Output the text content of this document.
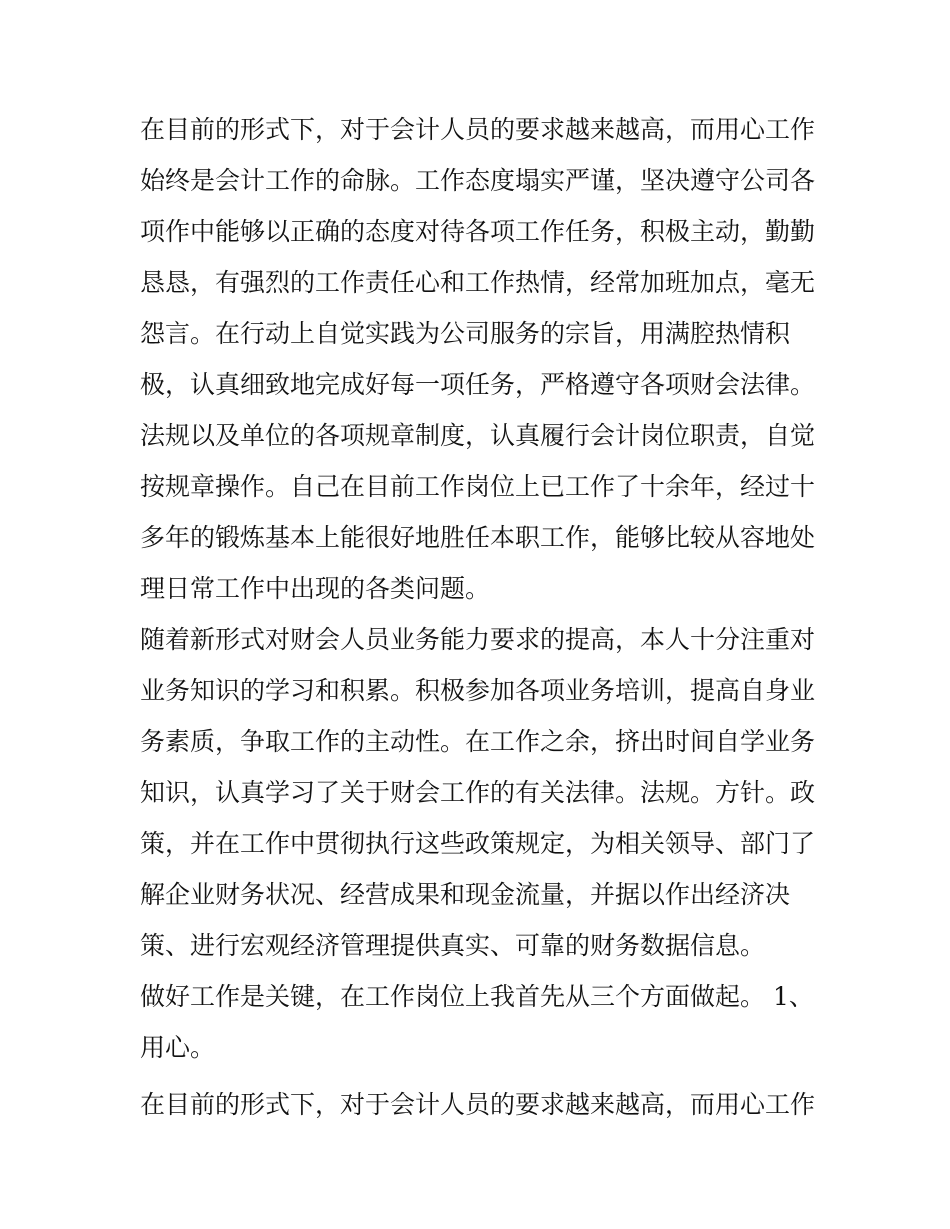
在目前的形式下，对于会计人员的要求越来越高，而用心工作
始终是会计工作的命脉。工作态度塌实严谨，坚决遵守公司各
项作中能够以正确的态度对待各项工作任务，积极主动，勤勤
恳恳，有强烈的工作责任心和工作热情，经常加班加点，毫无
怨言。在行动上自觉实践为公司服务的宗旨，用满腔热情积
极，认真细致地完成好每一项任务，严格遵守各项财会法律。
法规以及单位的各项规章制度，认真履行会计岗位职责，自觉
按规章操作。自己在目前工作岗位上已工作了十余年，经过十
多年的锻炼基本上能很好地胜任本职工作，能够比较从容地处
理日常工作中出现的各类问题。
随着新形式对财会人员业务能力要求的提高，本人十分注重对
业务知识的学习和积累。积极参加各项业务培训，提高自身业
务素质，争取工作的主动性。在工作之余，挤出时间自学业务
知识，认真学习了关于财会工作的有关法律。法规。方针。政
策，并在工作中贯彻执行这些政策规定，为相关领导、部门了
解企业财务状况、经营成果和现金流量，并据以作出经济决
策、进行宏观经济管理提供真实、可靠的财务数据信息。
做好工作是关键，在工作岗位上我首先从三个方面做起。 1、
用心。
在目前的形式下，对于会计人员的要求越来越高，而用心工作
